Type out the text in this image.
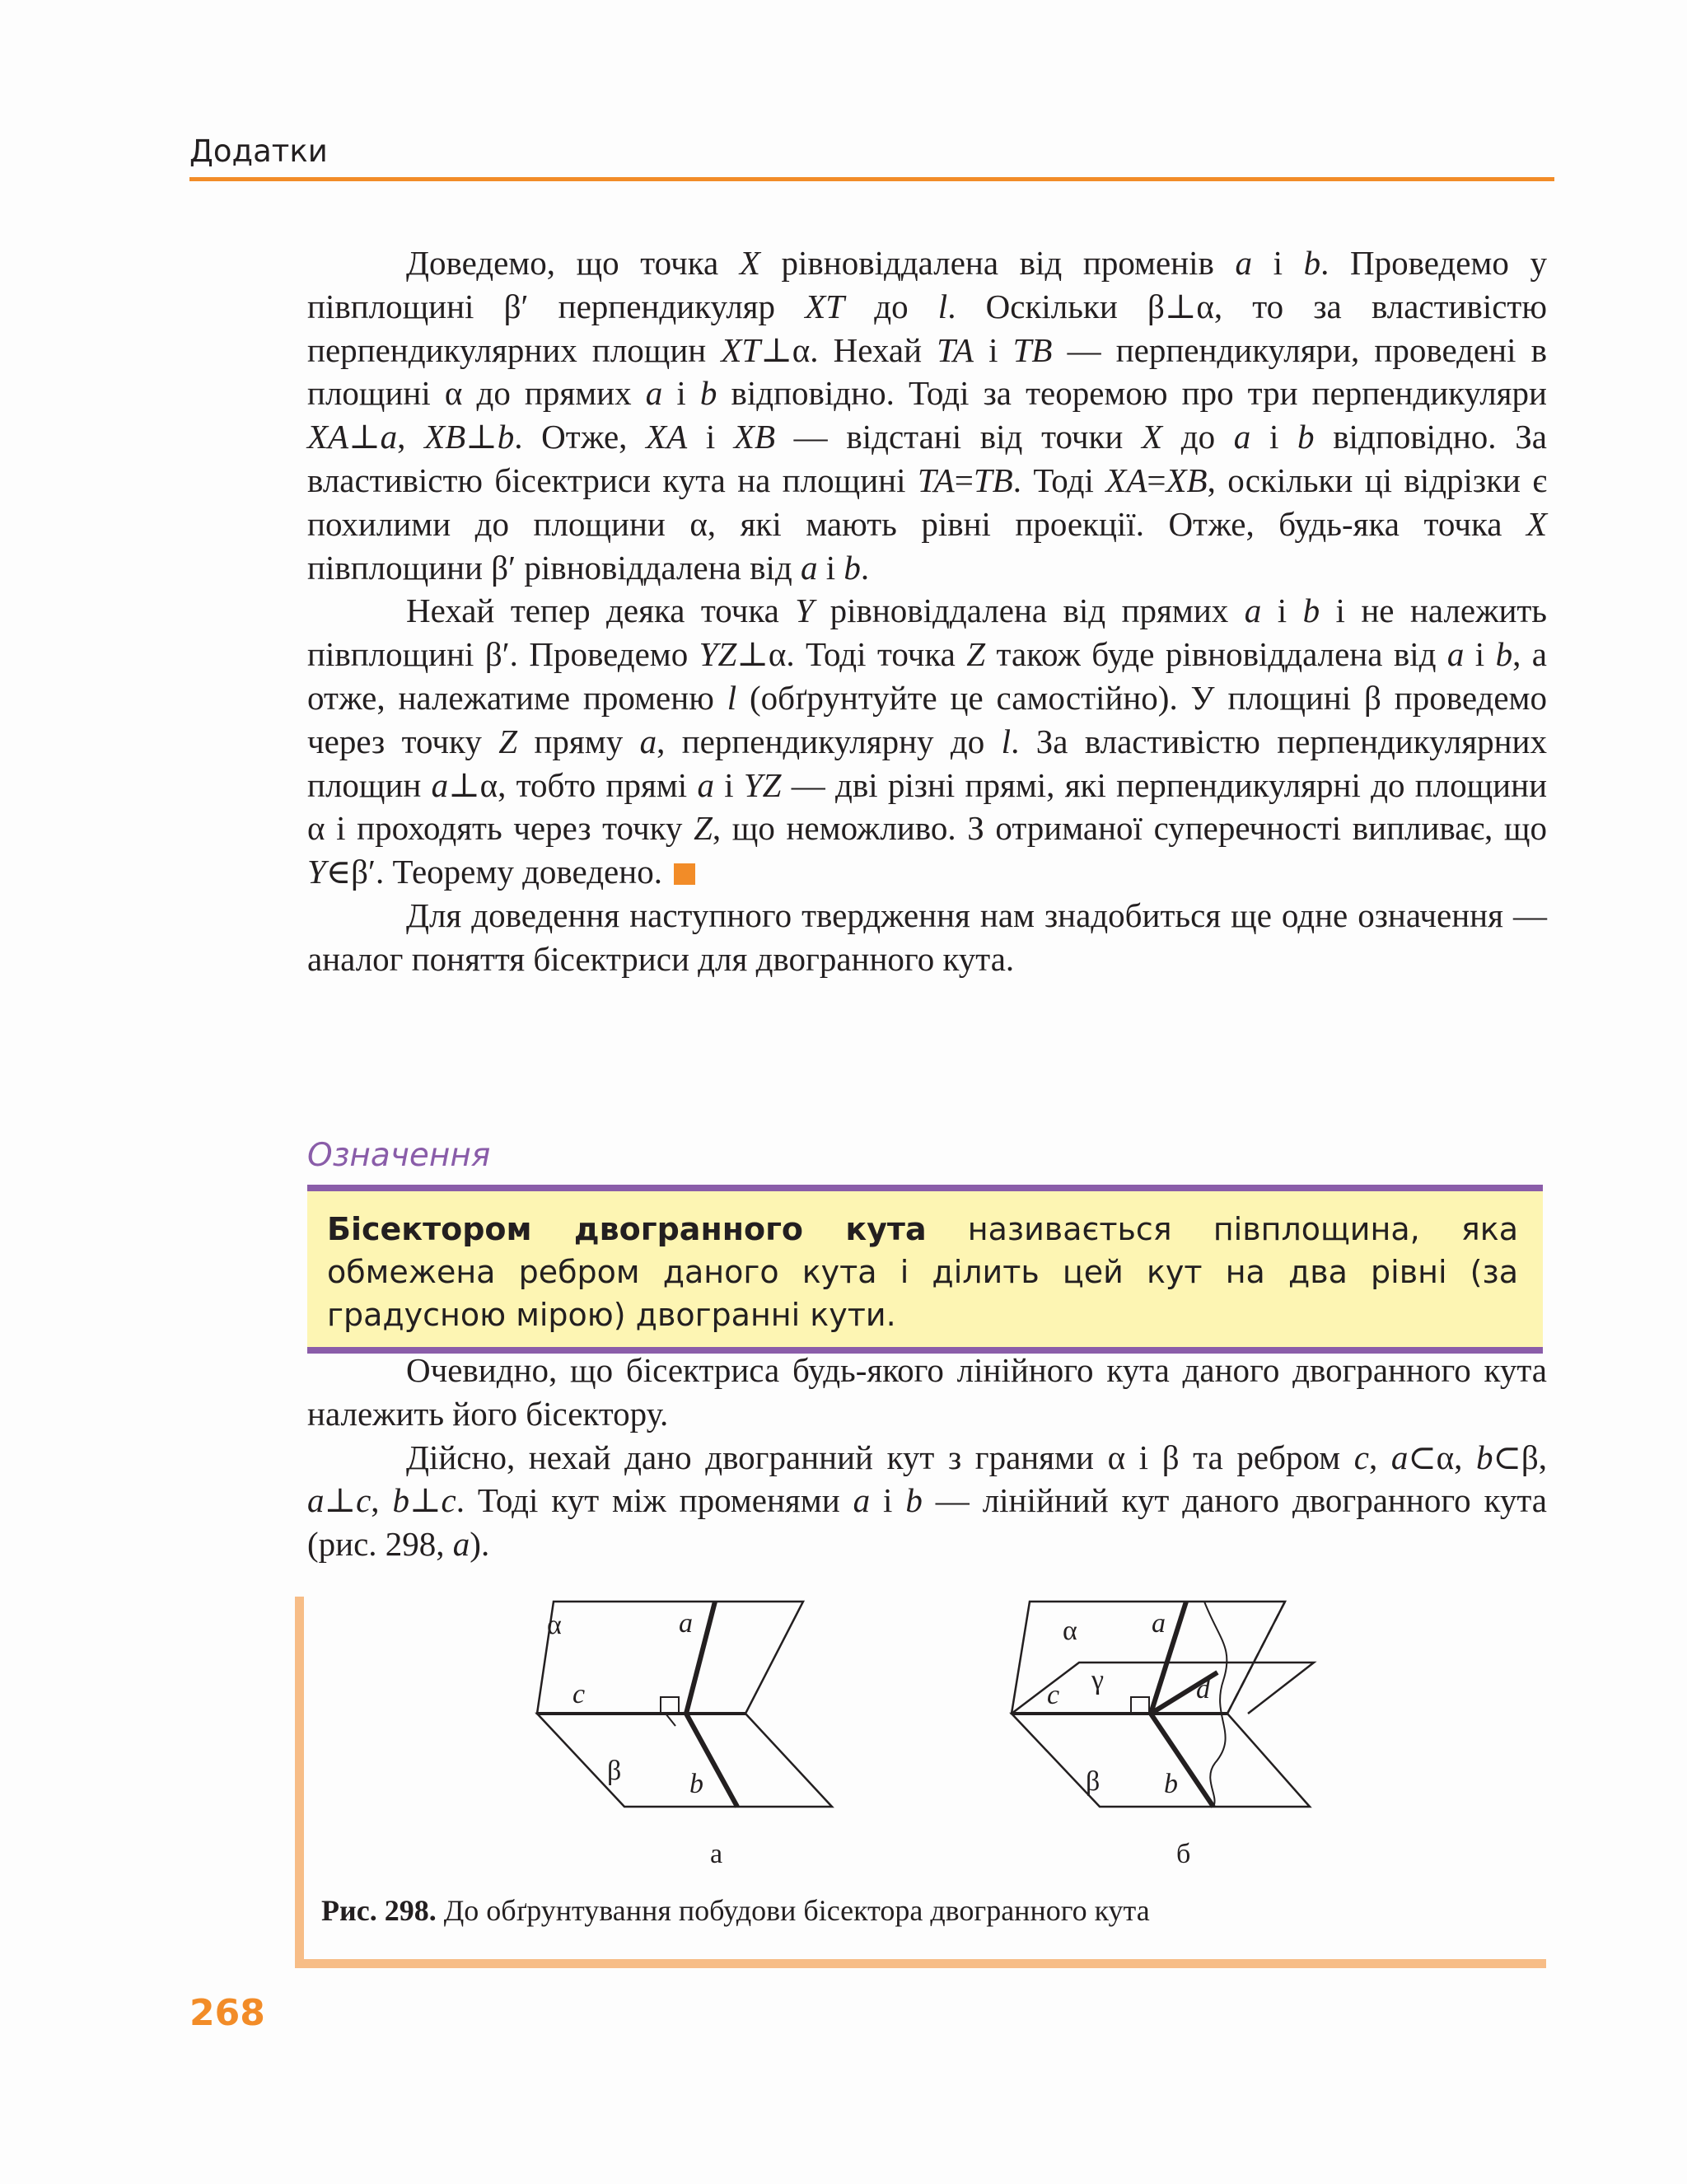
Додатки

Доведемо, що точка X рівновіддалена від променів a і b. Проведемо у півплощині β′ перпендикуляр XT до l. Оскільки β⊥α, то за властивістю перпендикулярних площин XT⊥α. Нехай TA і TB — перпендикуляри, проведені в площині α до прямих a і b відповідно. Тоді за теоремою про три перпендикуляри XA⊥a, XB⊥b. Отже, XA і XB — відстані від точки X до a і b відповідно. За властивістю бісектриси кута на площині TA=TB. Тоді XA=XB, оскільки ці відрізки є похилими до площини α, які мають рівні проекції. Отже, будь-яка точка X півплощини β′ рівновіддалена від a і b.

Нехай тепер деяка точка Y рівновіддалена від прямих a і b і не належить півплощині β′. Проведемо YZ⊥α. Тоді точка Z також буде рівновіддалена від a і b, а отже, належатиме променю l (обґрунтуйте це самостійно). У площині β проведемо через точку Z пряму a, перпендикулярну до l. За властивістю перпендикулярних площин a⊥α, тобто прямі a і YZ — дві різні прямі, які перпендикулярні до площини α і проходять через точку Z, що неможливо. З отриманої суперечності випливає, що Y∈β′. Теорему доведено.

Для доведення наступного твердження нам знадобиться ще одне означення — аналог поняття бісектриси для двогранного кута.

Означення
Бісектором двогранного кута називається півплощина, яка обмежена ребром даного кута і ділить цей кут на два рівні (за градусною мірою) двогранні кути.

Очевидно, що бісектриса будь-якого лінійного кута даного двогранного кута належить його бісектору.

Дійсно, нехай дано двогранний кут з гранями α і β та ребром c, a⊂α, b⊂β, a⊥c, b⊥c. Тоді кут між променями a і b — лінійний кут даного двогранного кута (рис. 298, а).

α	a
c
β b
α	a
γ
c	d
β b
а	б
Рис. 298. До обґрунтування побудови бісектора двогранного кута
268
